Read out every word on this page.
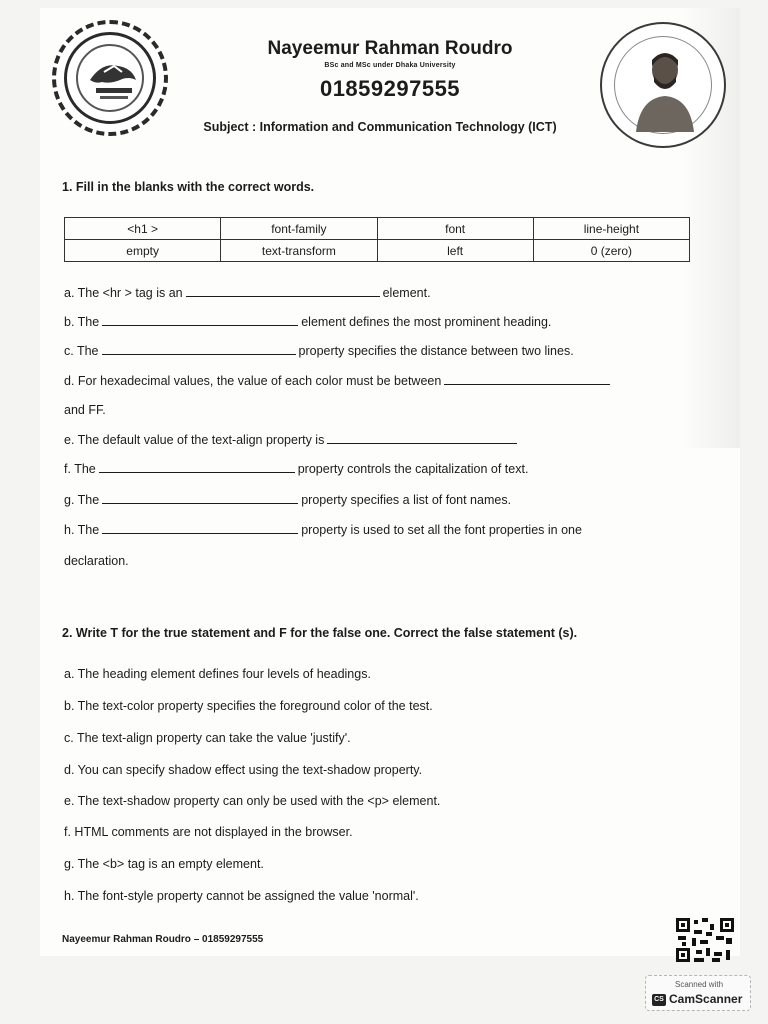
Nayeemur Rahman Roudro
BSc and MSc under Dhaka University
01859297555
Subject : Information and Communication Technology (ICT)
1. Fill in the blanks with the correct words.
<h1 >	font-family	font	line-height
empty	text-transform	left	0 (zero)
a. The <hr > tag is an	element.
b. The	element defines the most prominent heading.
c. The	property specifies the distance between two lines.
d. For hexadecimal values, the value of each color must be between
and FF.
e. The default value of the text-align property is
f. The	property controls the capitalization of text.
g. The	property specifies a list of font names.
h. The	property is used to set all the font properties in one
declaration.
2. Write T for the true statement and F for the false one. Correct the false statement (s).
a. The heading element defines four levels of headings.
b. The text-color property specifies the foreground color of the test.
c. The text-align property can take the value 'justify'.
d. You can specify shadow effect using the text-shadow property.
e. The text-shadow property can only be used with the <p> element.
f. HTML comments are not displayed in the browser.
g. The <b> tag is an empty element.
h. The font-style property cannot be assigned the value 'normal'.
Nayeemur Rahman Roudro – 01859297555
Scanned with
CS CamScanner
